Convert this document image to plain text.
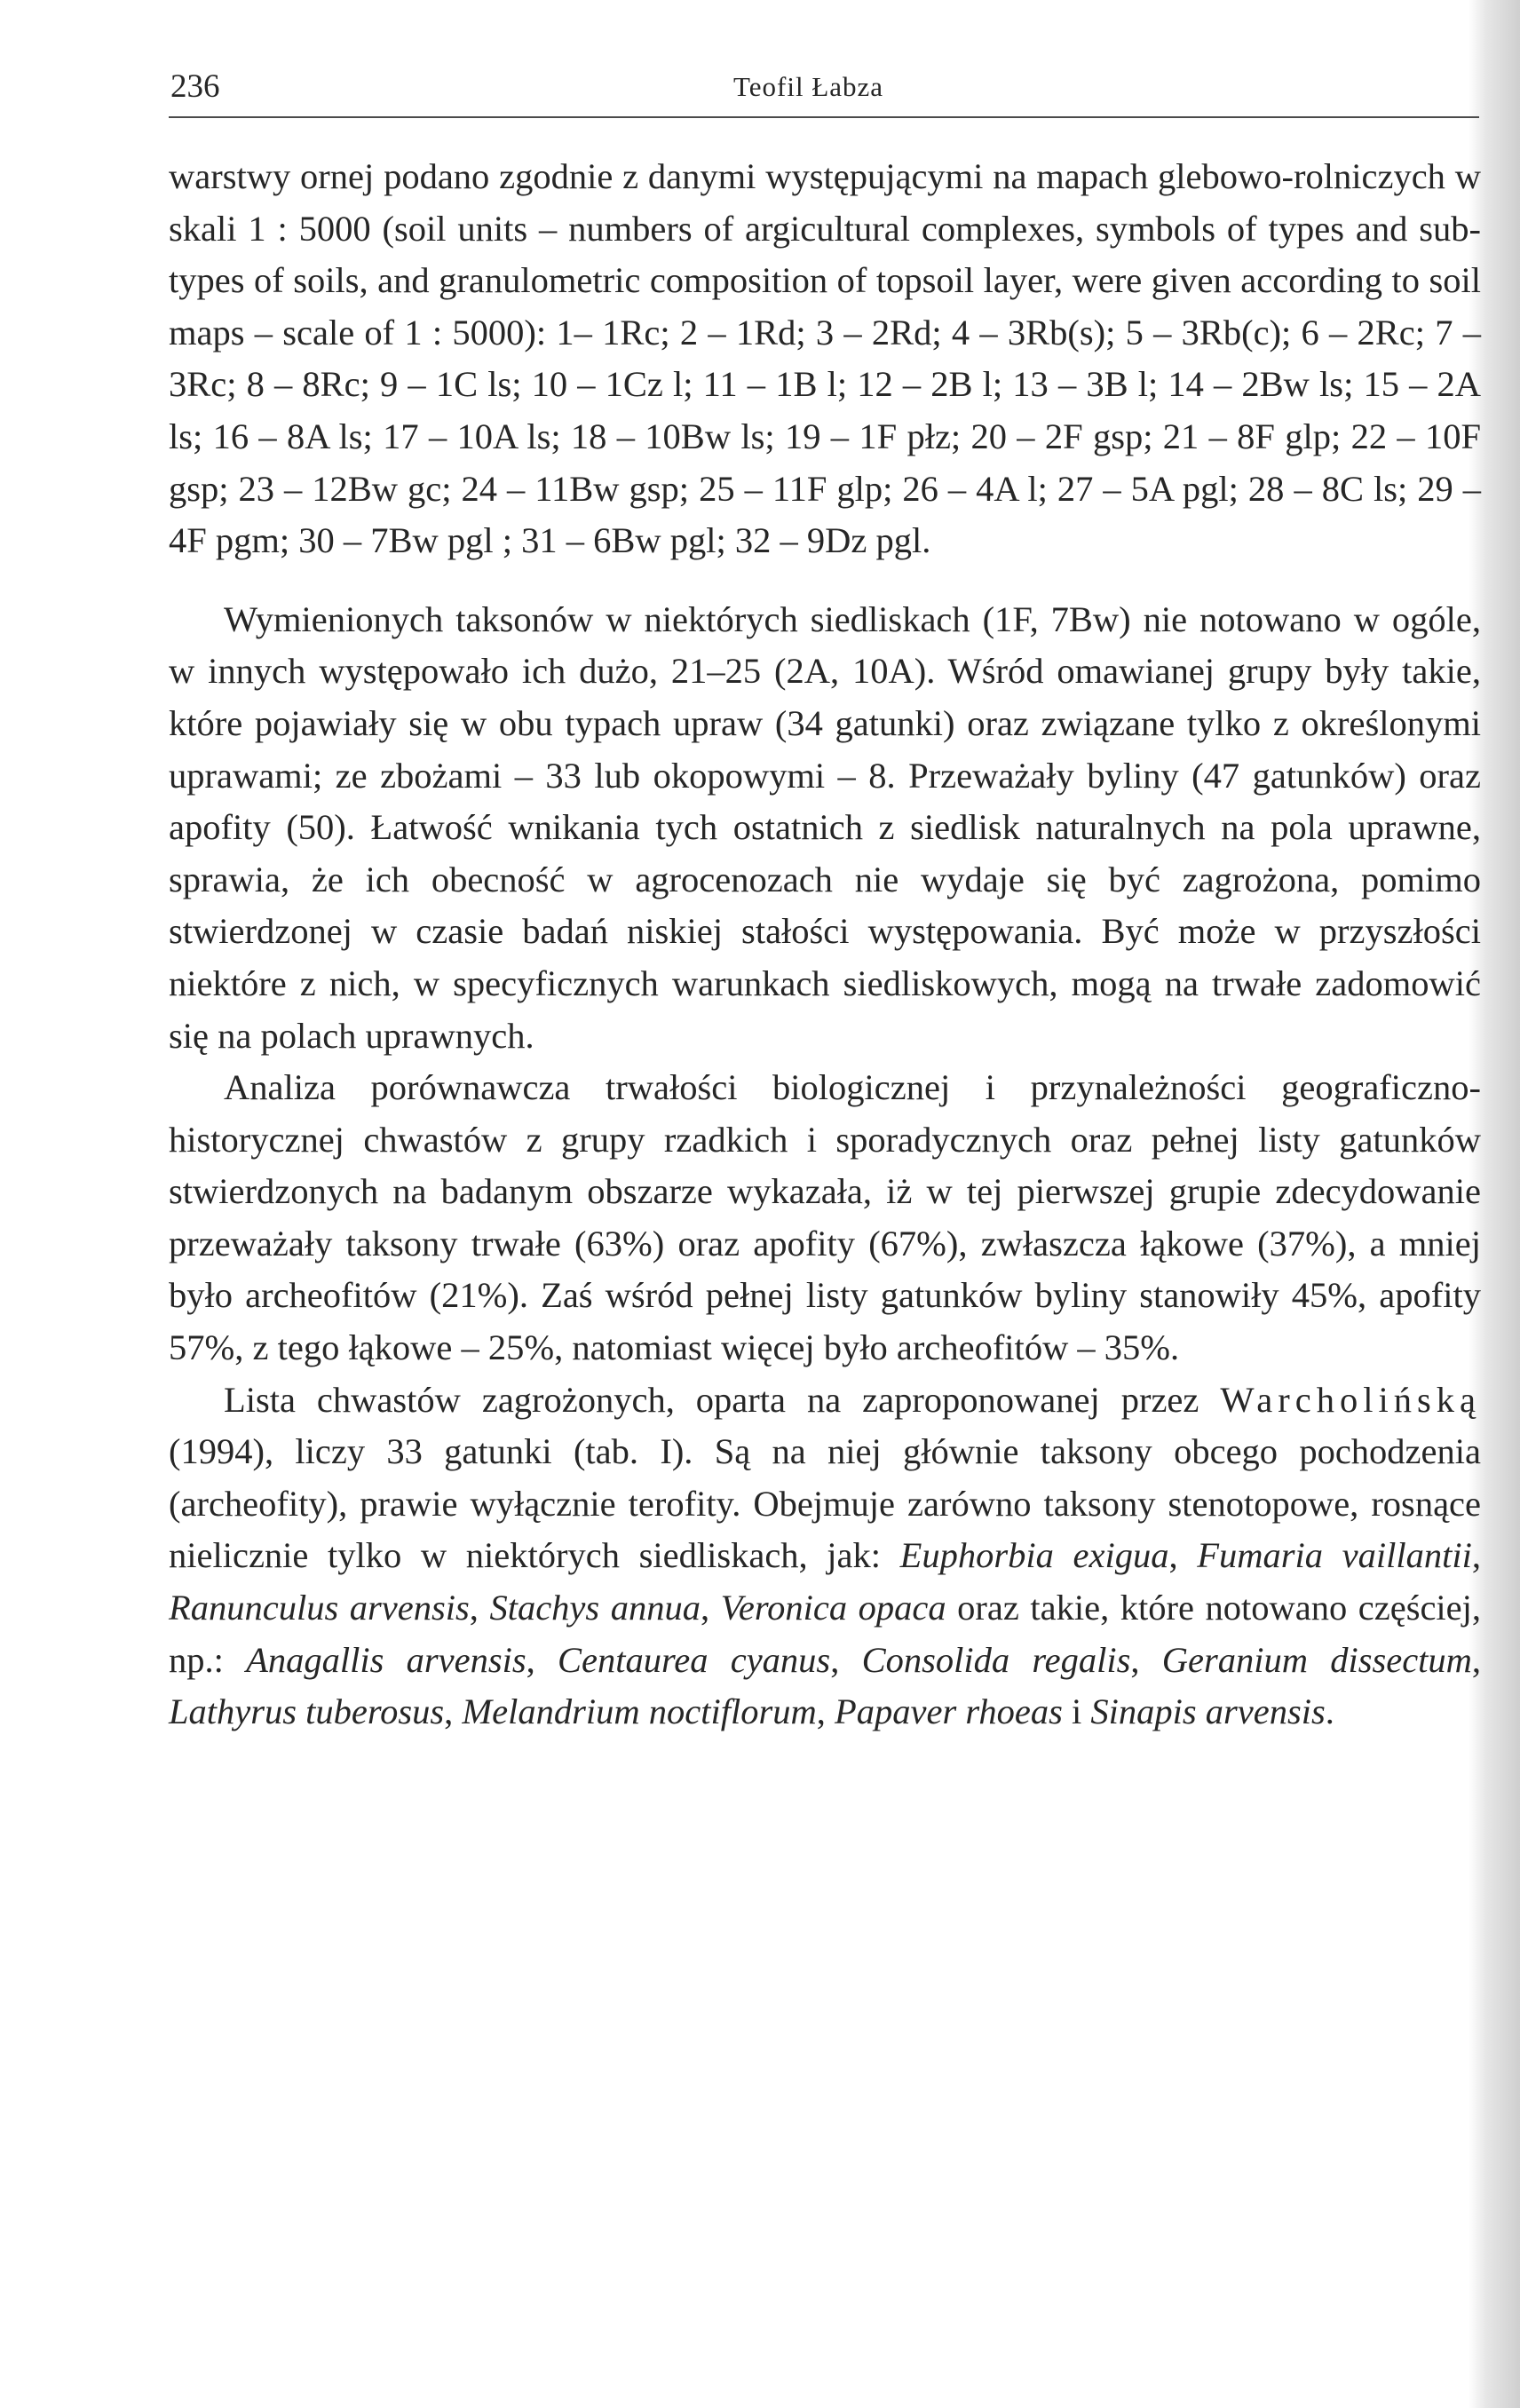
236	Teofil Łabza

warstwy ornej podano zgodnie z danymi występującymi na mapach glebowo-rolniczych w skali 1 : 5000 (soil units – numbers of argicultural complexes, symbols of types and sub-types of soils, and granulometric composition of topsoil layer, were given according to soil maps – scale of 1 : 5000): 1– 1Rc; 2 – 1Rd; 3 – 2Rd; 4 – 3Rb(s); 5 – 3Rb(c); 6 – 2Rc; 7 – 3Rc; 8 – 8Rc; 9 – 1C ls; 10 – 1Cz l; 11 – 1B l; 12 – 2B l; 13 – 3B l; 14 – 2Bw ls; 15 – 2A ls; 16 – 8A ls; 17 – 10A ls; 18 – 10Bw ls; 19 – 1F płz; 20 – 2F gsp; 21 – 8F glp; 22 – 10F gsp; 23 – 12Bw gc; 24 – 11Bw gsp; 25 – 11F glp; 26 – 4A l; 27 – 5A pgl; 28 – 8C ls; 29 – 4F pgm; 30 – 7Bw pgl ; 31 – 6Bw pgl; 32 – 9Dz pgl.

Wymienionych taksonów w niektórych siedliskach (1F, 7Bw) nie notowano w ogóle, w innych występowało ich dużo, 21–25 (2A, 10A). Wśród omawianej grupy były takie, które pojawiały się w obu typach upraw (34 gatunki) oraz związane tylko z określonymi uprawami; ze zbożami – 33 lub okopowymi – 8. Przeważały byliny (47 gatunków) oraz apofity (50). Łatwość wnikania tych ostatnich z siedlisk naturalnych na pola uprawne, sprawia, że ich obecność w agrocenozach nie wydaje się być zagrożona, pomimo stwierdzonej w czasie badań niskiej stałości występowania. Być może w przyszłości niektóre z nich, w specyficznych warunkach siedliskowych, mogą na trwałe zadomowić się na polach uprawnych.

Analiza porównawcza trwałości biologicznej i przynależności geograficzno-historycznej chwastów z grupy rzadkich i sporadycznych oraz pełnej listy gatunków stwierdzonych na badanym obszarze wykazała, iż w tej pierwszej grupie zdecydowanie przeważały taksony trwałe (63%) oraz apofity (67%), zwłaszcza łąkowe (37%), a mniej było archeofitów (21%). Zaś wśród pełnej listy gatunków byliny stanowiły 45%, apofity 57%, z tego łąkowe – 25%, natomiast więcej było archeofitów – 35%.

Lista chwastów zagrożonych, oparta na zaproponowanej przez Warcholińską (1994), liczy 33 gatunki (tab. I). Są na niej głównie taksony obcego pochodzenia (archeofity), prawie wyłącznie terofity. Obejmuje zarówno taksony stenotopowe, rosnące nielicznie tylko w niektórych siedliskach, jak: Euphorbia exigua, Fumaria vaillantii, Ranunculus arvensis, Stachys annua, Veronica opaca oraz takie, które notowano częściej, np.: Anagallis arvensis, Centaurea cyanus, Consolida regalis, Geranium dissectum, Lathyrus tuberosus, Melandrium noctiflorum, Papaver rhoeas i Sinapis arvensis.
